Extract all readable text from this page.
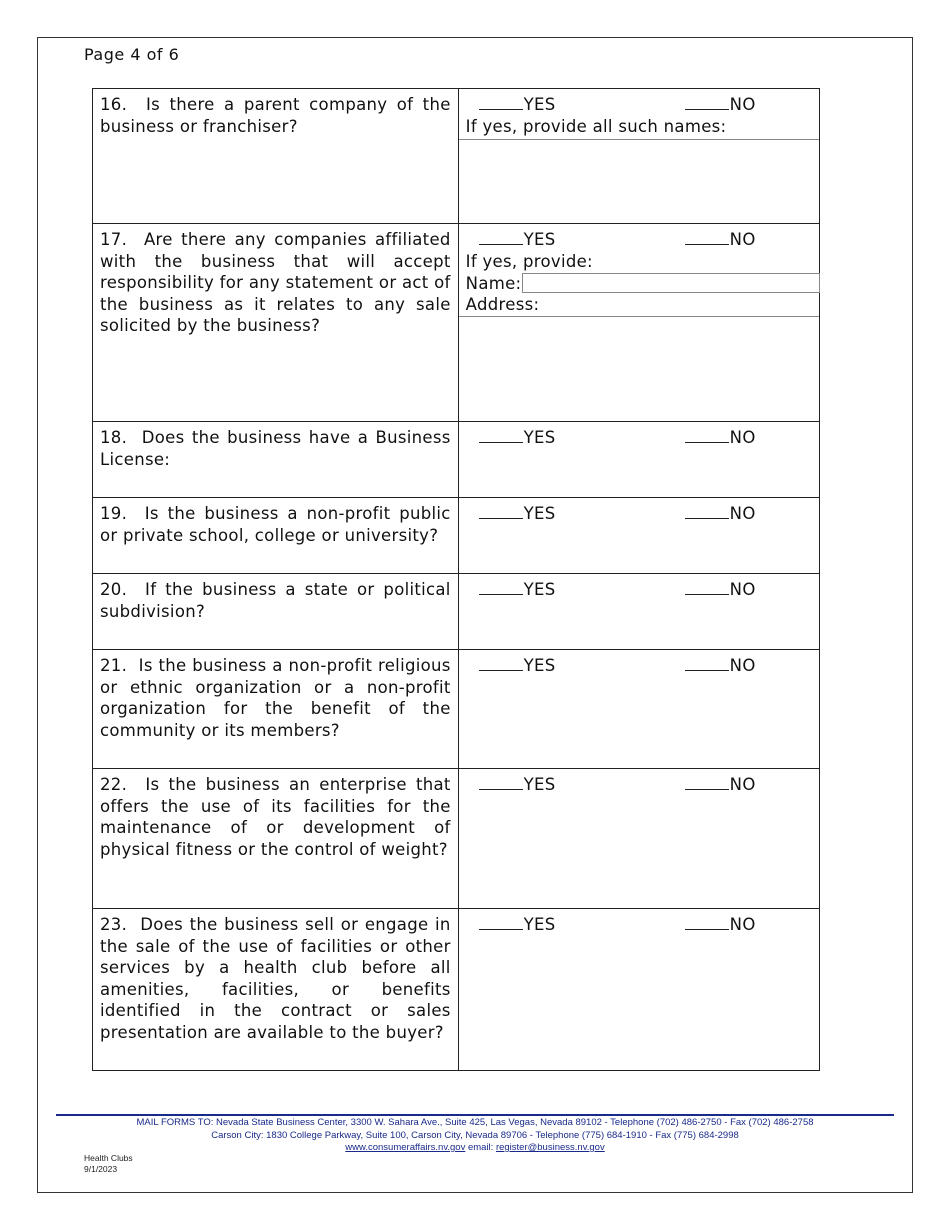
Page 4 of 6
16. Is there a parent company of the business or franchiser?	YES NO
If yes, provide all such names:

17. Are there any companies affiliated with the business that will accept responsibility for any statement or act of the business as it relates to any sale solicited by the business?	YES NO
If yes, provide:
Name:
Address:

18. Does the business have a Business License:	YES NO

19. Is the business a non-profit public or private school, college or university?	YES NO

20. If the business a state or political subdivision?	YES NO

21. Is the business a non-profit religious or ethnic organization or a non-profit organization for the benefit of the community or its members?	YES NO

22. Is the business an enterprise that offers the use of its facilities for the maintenance of or development of physical fitness or the control of weight?	YES NO

23. Does the business sell or engage in the sale of the use of facilities or other services by a health club before all amenities, facilities, or benefits identified in the contract or sales presentation are available to the buyer?	YES NO
MAIL FORMS TO: Nevada State Business Center, 3300 W. Sahara Ave., Suite 425, Las Vegas, Nevada 89102 - Telephone (702) 486-2750 - Fax (702) 486-2758
Carson City: 1830 College Parkway, Suite 100, Carson City, Nevada 89706 - Telephone (775) 684-1910 - Fax (775) 684-2998
www.consumeraffairs.nv.gov email: register@business.nv.gov
Health Clubs
9/1/2023
